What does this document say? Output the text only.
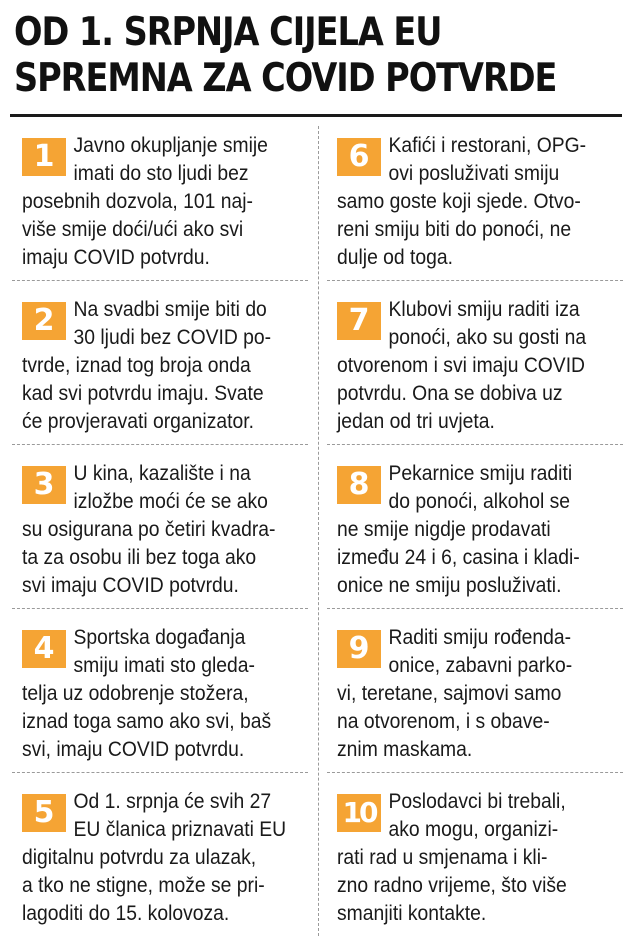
OD 1. SRPNJA CIJELA EU
SPREMNA ZA COVID POTVRDE
1 Javno okupljanje smije
imati do sto ljudi bez
posebnih dozvola, 101 naj-
više smije doći/ući ako svi
imaju COVID potvrdu.
2 Na svadbi smije biti do
30 ljudi bez COVID po-
tvrde, iznad tog broja onda
kad svi potvrdu imaju. Svate
će provjeravati organizator.
3 U kina, kazalište i na
izložbe moći će se ako
su osigurana po četiri kvadra-
ta za osobu ili bez toga ako
svi imaju COVID potvrdu.
4 Sportska događanja
smiju imati sto gleda-
telja uz odobrenje stožera,
iznad toga samo ako svi, baš
svi, imaju COVID potvrdu.
5 Od 1. srpnja će svih 27
EU članica priznavati EU
digitalnu potvrdu za ulazak,
a tko ne stigne, može se pri-
lagoditi do 15. kolovoza.
6 Kafići i restorani, OPG-
ovi posluživati smiju
samo goste koji sjede. Otvo-
reni smiju biti do ponoći, ne
dulje od toga.
7 Klubovi smiju raditi iza
ponoći, ako su gosti na
otvorenom i svi imaju COVID
potvrdu. Ona se dobiva uz
jedan od tri uvjeta.
8 Pekarnice smiju raditi
do ponoći, alkohol se
ne smije nigdje prodavati
između 24 i 6, casina i kladi-
onice ne smiju posluživati.
9 Raditi smiju rođenda-
onice, zabavni parko-
vi, teretane, sajmovi samo
na otvorenom, i s obave-
znim maskama.
10 Poslodavci bi trebali,
ako mogu, organizi-
rati rad u smjenama i kli-
zno radno vrijeme, što više
smanjiti kontakte.
